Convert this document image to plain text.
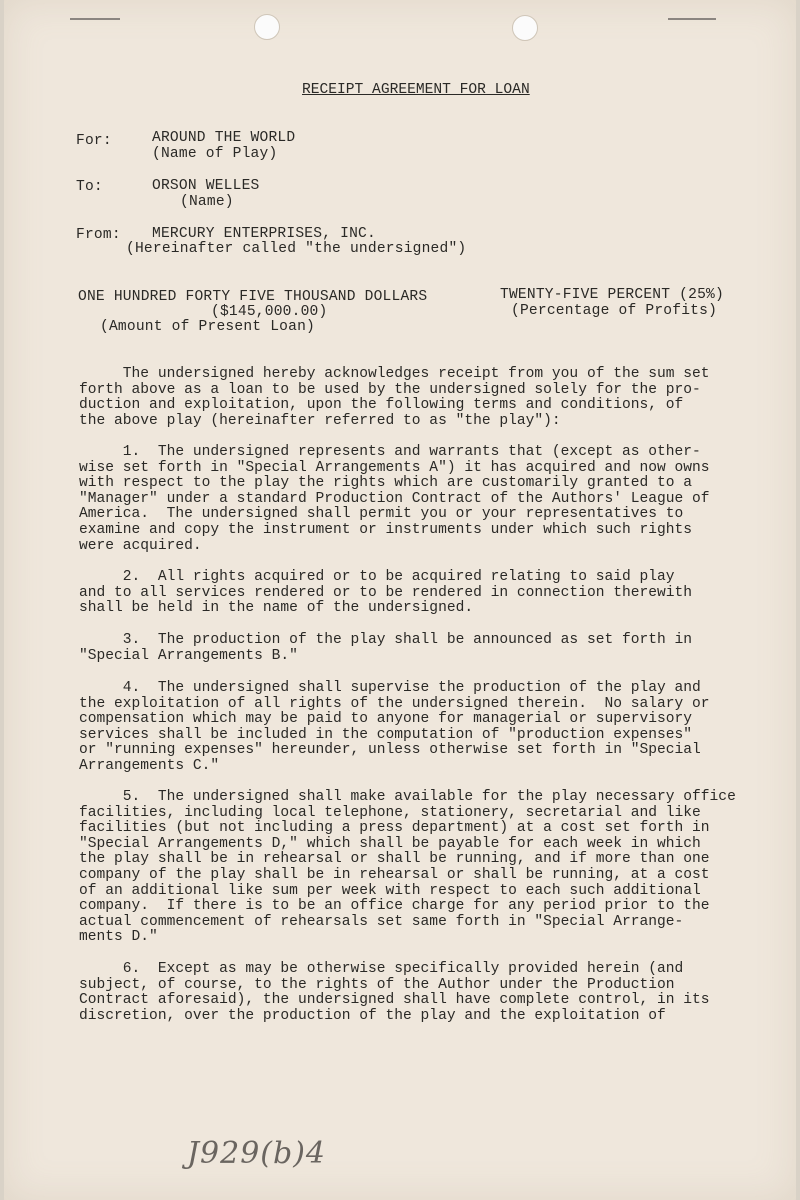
RECEIPT AGREEMENT FOR LOAN
For:	AROUND THE WORLD
(Name of Play)
To:	ORSON WELLES
(Name)
From: MERCURY ENTERPRISES, INC.
(Hereinafter called "the undersigned")
ONE HUNDRED FORTY FIVE THOUSAND DOLLARS
($145,000.00)
(Amount of Present Loan)
TWENTY-FIVE PERCENT (25%)
(Percentage of Profits)
The undersigned hereby acknowledges receipt from you of the sum set
forth above as a loan to be used by the undersigned solely for the pro-
duction and exploitation, upon the following terms and conditions, of
the above play (hereinafter referred to as "the play"):
1.  The undersigned represents and warrants that (except as other-
wise set forth in "Special Arrangements A") it has acquired and now owns
with respect to the play the rights which are customarily granted to a
"Manager" under a standard Production Contract of the Authors' League of
America.  The undersigned shall permit you or your representatives to
examine and copy the instrument or instruments under which such rights
were acquired.
2.  All rights acquired or to be acquired relating to said play
and to all services rendered or to be rendered in connection therewith
shall be held in the name of the undersigned.
3.  The production of the play shall be announced as set forth in
"Special Arrangements B."
4.  The undersigned shall supervise the production of the play and
the exploitation of all rights of the undersigned therein.  No salary or
compensation which may be paid to anyone for managerial or supervisory
services shall be included in the computation of "production expenses"
or "running expenses" hereunder, unless otherwise set forth in "Special
Arrangements C."
5.  The undersigned shall make available for the play necessary office
facilities, including local telephone, stationery, secretarial and like
facilities (but not including a press department) at a cost set forth in
"Special Arrangements D," which shall be payable for each week in which
the play shall be in rehearsal or shall be running, and if more than one
company of the play shall be in rehearsal or shall be running, at a cost
of an additional like sum per week with respect to each such additional
company.  If there is to be an office charge for any period prior to the
actual commencement of rehearsals set same forth in "Special Arrange-
ments D."
6.  Except as may be otherwise specifically provided herein (and
subject, of course, to the rights of the Author under the Production
Contract aforesaid), the undersigned shall have complete control, in its
discretion, over the production of the play and the exploitation of
J929(b)4
